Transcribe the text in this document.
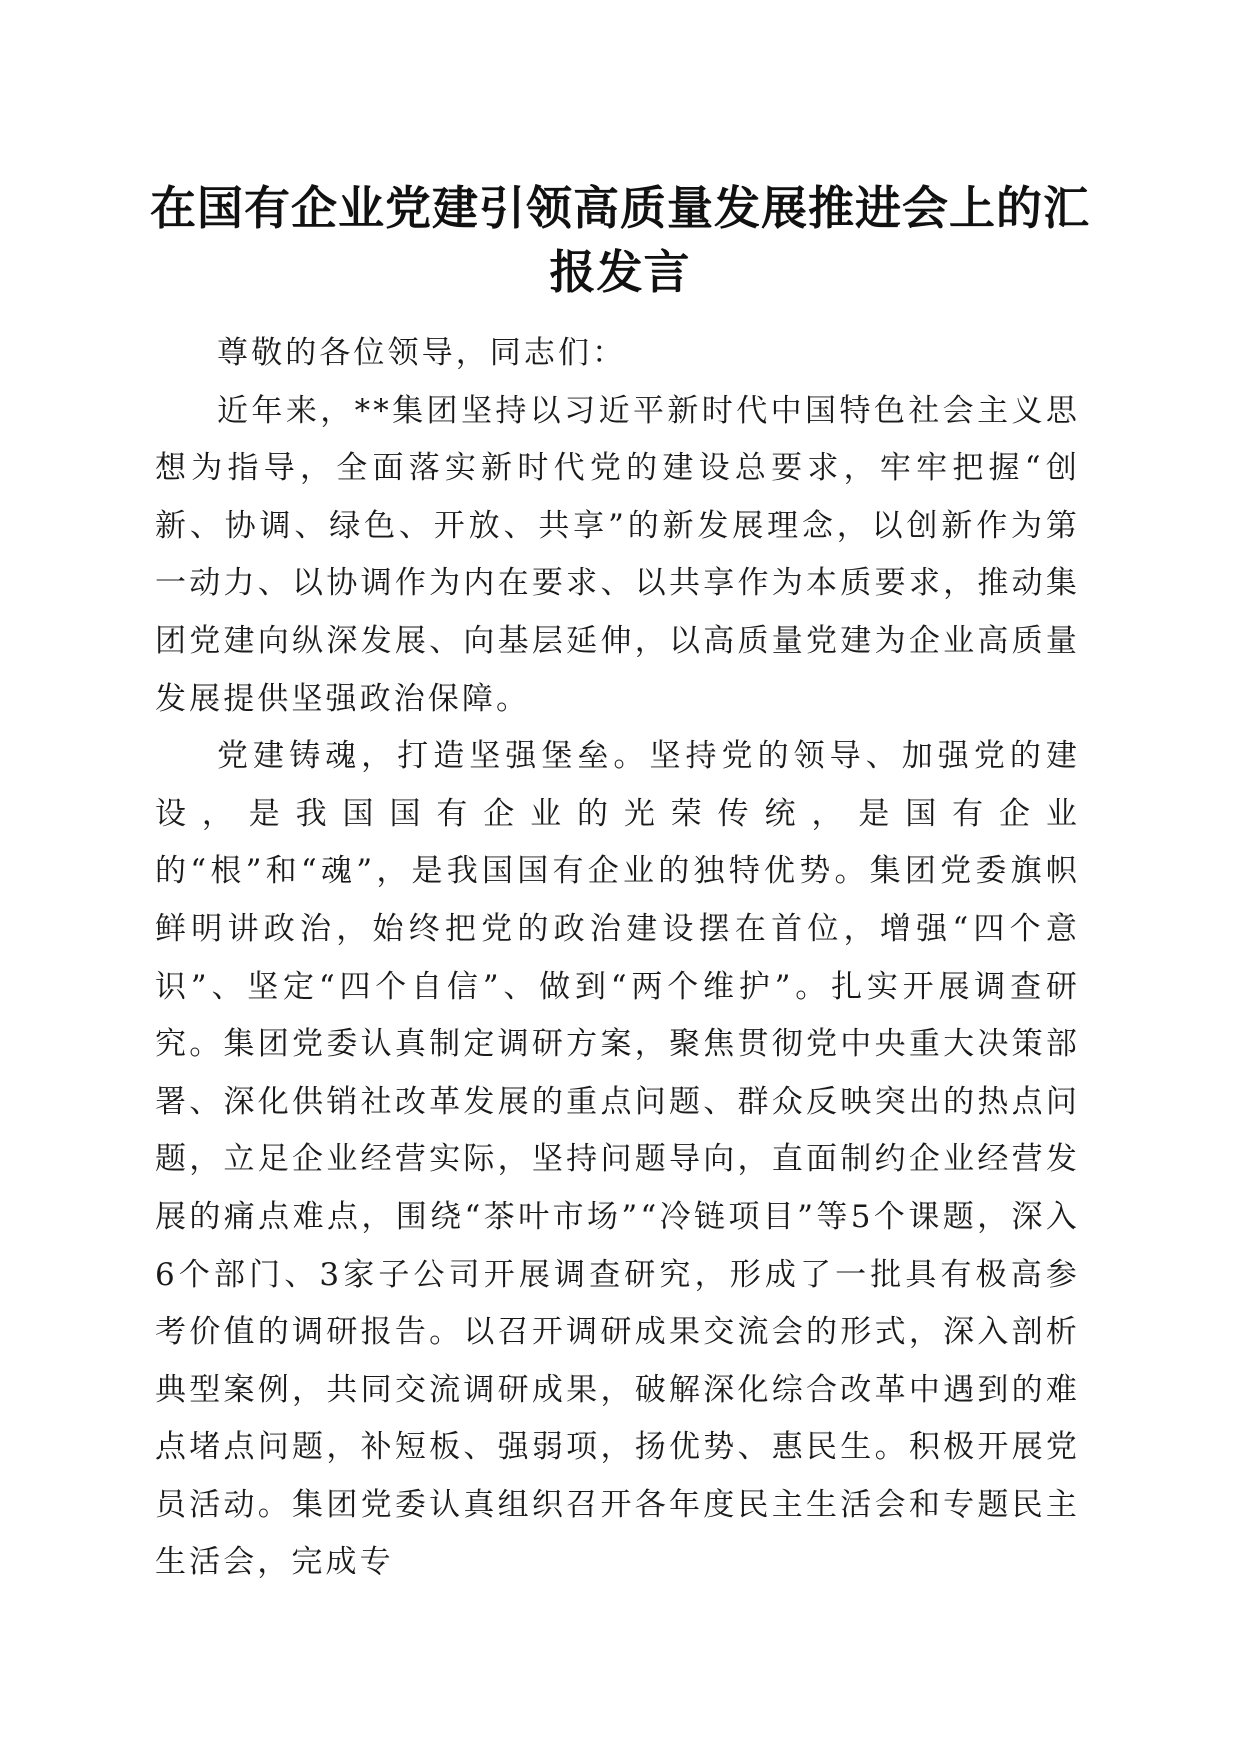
在国有企业党建引领高质量发展推进会上的汇
报发言

尊敬的各位领导，同志们：

近年来，**集团坚持以习近平新时代中国特色社会主义思想为指导，全面落实新时代党的建设总要求，牢牢把握“创新、协调、绿色、开放、共享”的新发展理念，以创新作为第一动力、以协调作为内在要求、以共享作为本质要求，推动集团党建向纵深发展、向基层延伸，以高质量党建为企业高质量发展提供坚强政治保障。

党建铸魂，打造坚强堡垒。坚持党的领导、加强党的建设，是我国国有企业的光荣传统，是国有企业的“根”和“魂”，是我国国有企业的独特优势。集团党委旗帜鲜明讲政治，始终把党的政治建设摆在首位，增强“四个意识”、坚定“四个自信”、做到“两个维护”。扎实开展调查研究。集团党委认真制定调研方案，聚焦贯彻党中央重大决策部署、深化供销社改革发展的重点问题、群众反映突出的热点问题，立足企业经营实际，坚持问题导向，直面制约企业经营发展的痛点难点，围绕“茶叶市场”“冷链项目”等5个课题，深入6个部门、3家子公司开展调查研究，形成了一批具有极高参考价值的调研报告。以召开调研成果交流会的形式，深入剖析典型案例，共同交流调研成果，破解深化综合改革中遇到的难点堵点问题，补短板、强弱项，扬优势、惠民生。积极开展党员活动。集团党委认真组织召开各年度民主生活会和专题民主生活会，完成专
